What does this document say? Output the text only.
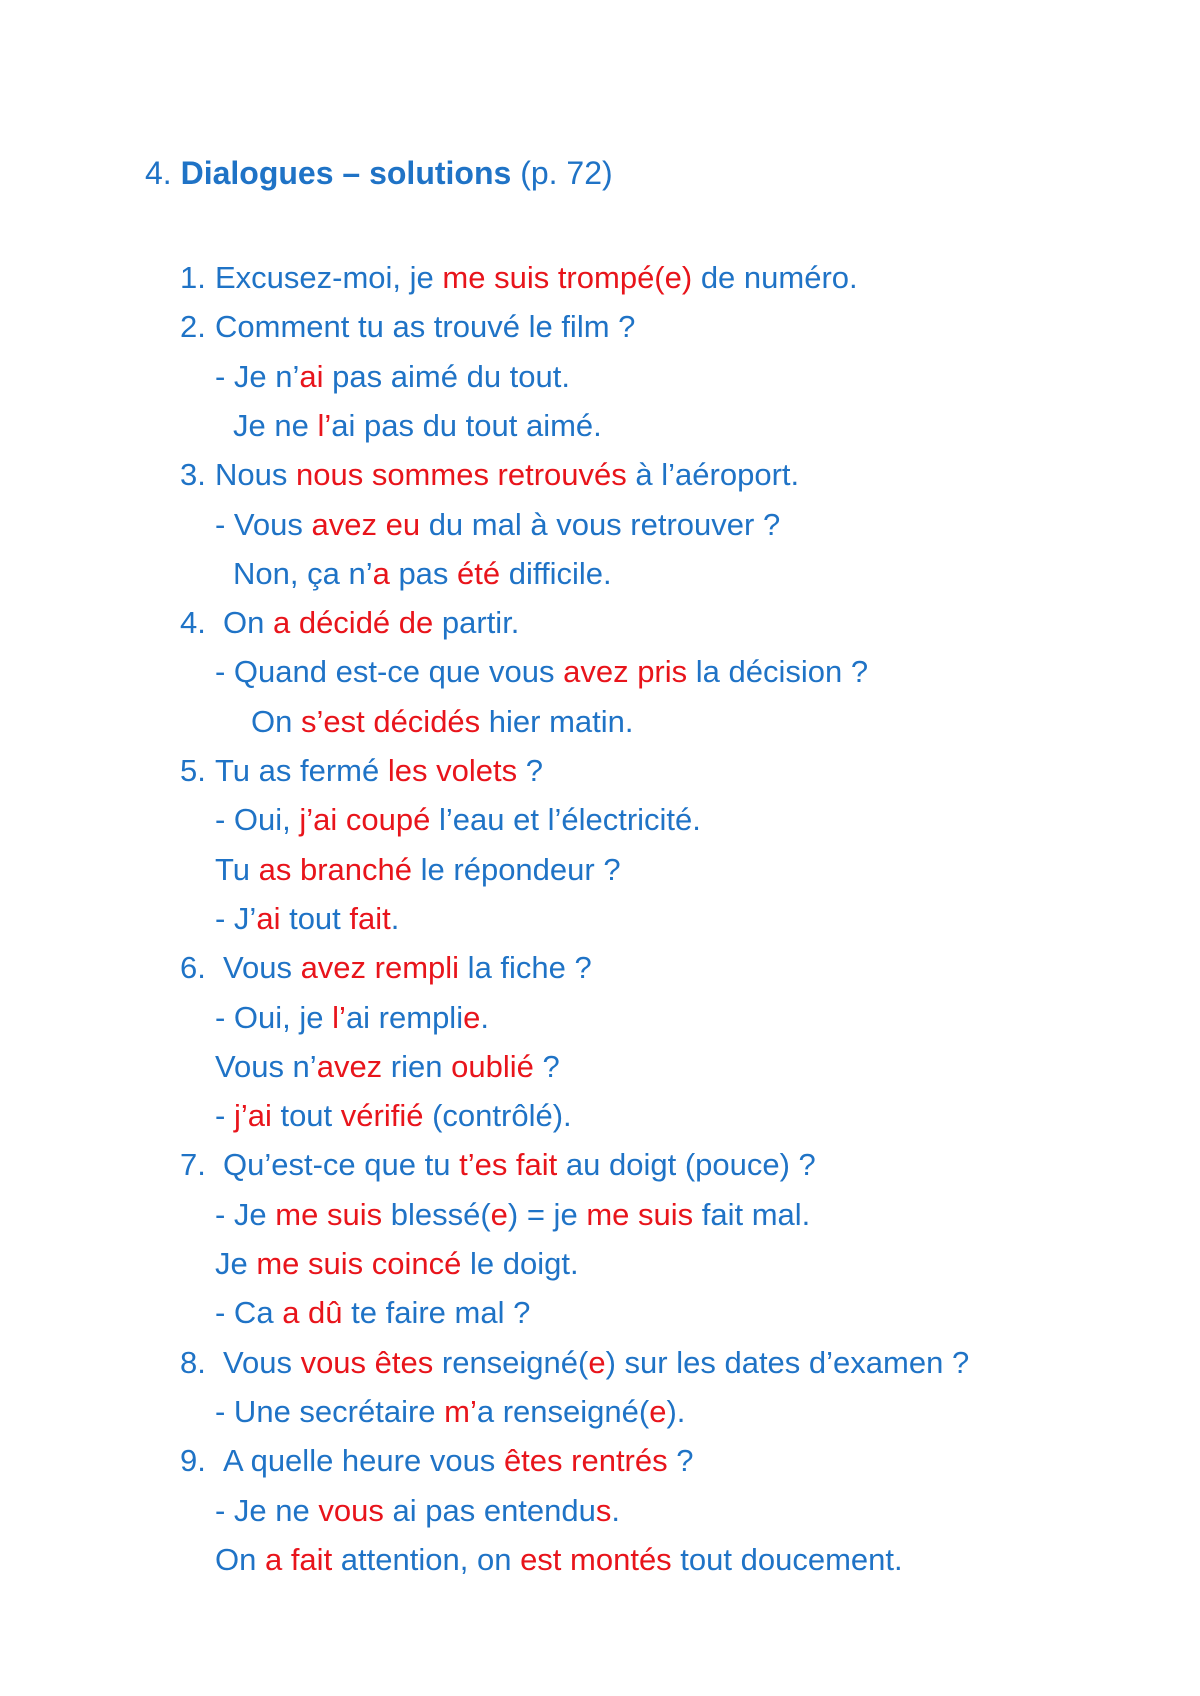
4. Dialogues – solutions (p. 72)
1. Excusez-moi, je me suis trompé(e) de numéro.
2. Comment tu as trouvé le film ?
- Je n’ai pas aimé du tout.
Je ne l’ai pas du tout aimé.
3. Nous nous sommes retrouvés à l’aéroport.
- Vous avez eu du mal à vous retrouver ?
Non, ça n’a pas été difficile.
4. On a décidé de partir.
- Quand est-ce que vous avez pris la décision ?
On s’est décidés hier matin.
5. Tu as fermé les volets ?
- Oui, j’ai coupé l’eau et l’électricité.
Tu as branché le répondeur ?
- J’ai tout fait.
6. Vous avez rempli la fiche ?
- Oui, je l’ai remplie.
Vous n’avez rien oublié ?
- j’ai tout vérifié (contrôlé).
7. Qu’est-ce que tu t’es fait au doigt (pouce) ?
- Je me suis blessé(e) = je me suis fait mal.
Je me suis coincé le doigt.
- Ca a dû te faire mal ?
8. Vous vous êtes renseigné(e) sur les dates d’examen ?
- Une secrétaire m’a renseigné(e).
9. A quelle heure vous êtes rentrés ?
- Je ne vous ai pas entendus.
On a fait attention, on est montés tout doucement.
